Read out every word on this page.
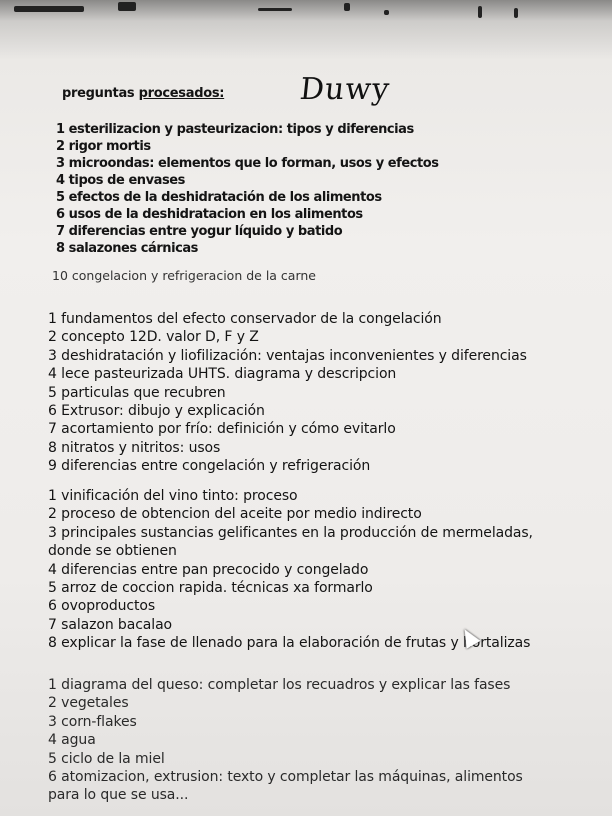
preguntas procesados: Duwy
1 esterilizacion y pasteurizacion: tipos y diferencias
2 rigor mortis
3 microondas: elementos que lo forman, usos y efectos
4 tipos de envases
5 efectos de la deshidratación de los alimentos
6 usos de la deshidratacion en los alimentos
7 diferencias entre yogur líquido y batido
8 salazones cárnicas
10 congelacion y refrigeracion de la carne
1 fundamentos del efecto conservador de la congelación
2 concepto 12D. valor D, F y Z
3 deshidratación y liofilización: ventajas inconvenientes y diferencias
4 lece pasteurizada UHTS. diagrama y descripcion
5 particulas que recubren
6 Extrusor: dibujo y explicación
7 acortamiento por frío: definición y cómo evitarlo
8 nitratos y nitritos: usos
9 diferencias entre congelación y refrigeración
1 vinificación del vino tinto: proceso
2 proceso de obtencion del aceite por medio indirecto
3 principales sustancias gelificantes en la producción de mermeladas,
donde se obtienen
4 diferencias entre pan precocido y congelado
5 arroz de coccion rapida. técnicas xa formarlo
6 ovoproductos
7 salazon bacalao
8 explicar la fase de llenado para la elaboración de frutas y hortalizas
1 diagrama del queso: completar los recuadros y explicar las fases
2 vegetales
3 corn-flakes
4 agua
5 ciclo de la miel
6 atomizacion, extrusion: texto y completar las máquinas, alimentos
para lo que se usa...
